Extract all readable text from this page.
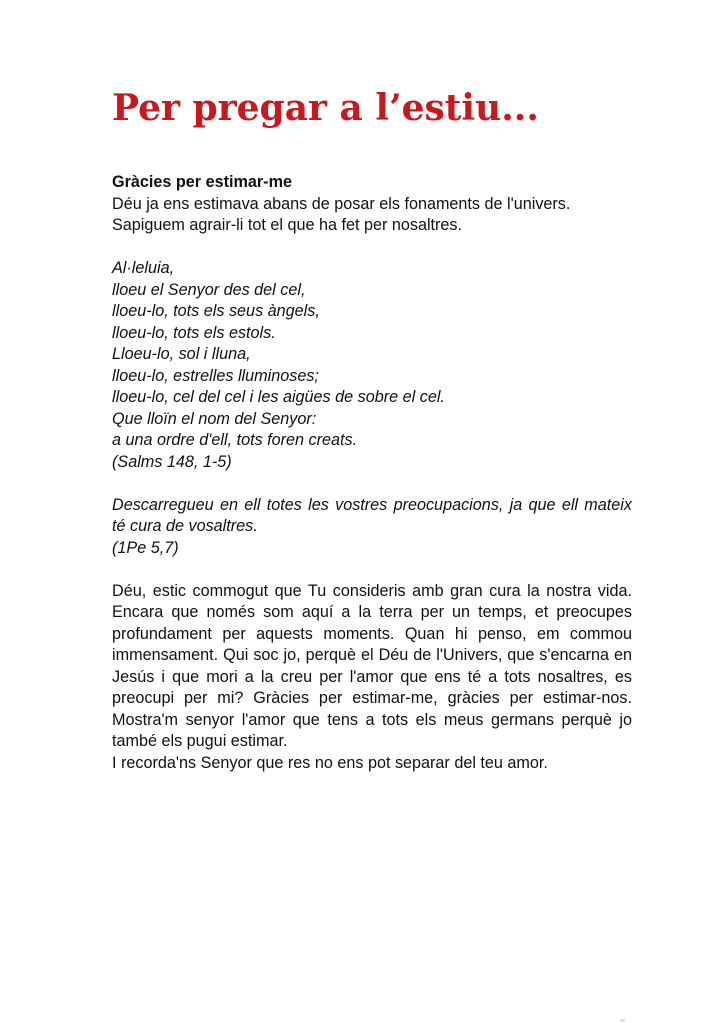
Per pregar a l’estiu...

Gràcies per estimar-me

Déu ja ens estimava abans de posar els fonaments de l'univers.

Sapiguem agrair-li tot el que ha fet per nosaltres.

Al·leluia,
lloeu el Senyor des del cel,
lloeu-lo, tots els seus àngels,
lloeu-lo, tots els estols.
Lloeu-lo, sol i lluna,
lloeu-lo, estrelles lluminoses;
lloeu-lo, cel del cel i les aigües de sobre el cel.
Que lloïn el nom del Senyor:
a una ordre d'ell, tots foren creats.
(Salms 148, 1-5)
Descarregueu en ell totes les vostres preocupacions, ja que ell mateix té cura de vosaltres.
(1Pe 5,7)

Déu, estic commogut que Tu consideris amb gran cura la nostra vida. Encara que només som aquí a la terra per un temps, et preocupes profundament per aquests moments. Quan hi penso, em commou immensament. Qui soc jo, perquè el Déu de l'Univers, que s'encarna en Jesús i que mori a la creu per l'amor que ens té a tots nosaltres, es preocupi per mi? Gràcies per estimar-me, gràcies per estimar-nos. Mostra'm senyor l'amor que tens a tots els meus germans perquè jo també els pugui estimar.

I recorda'ns Senyor que res no ens pot separar del teu amor.
